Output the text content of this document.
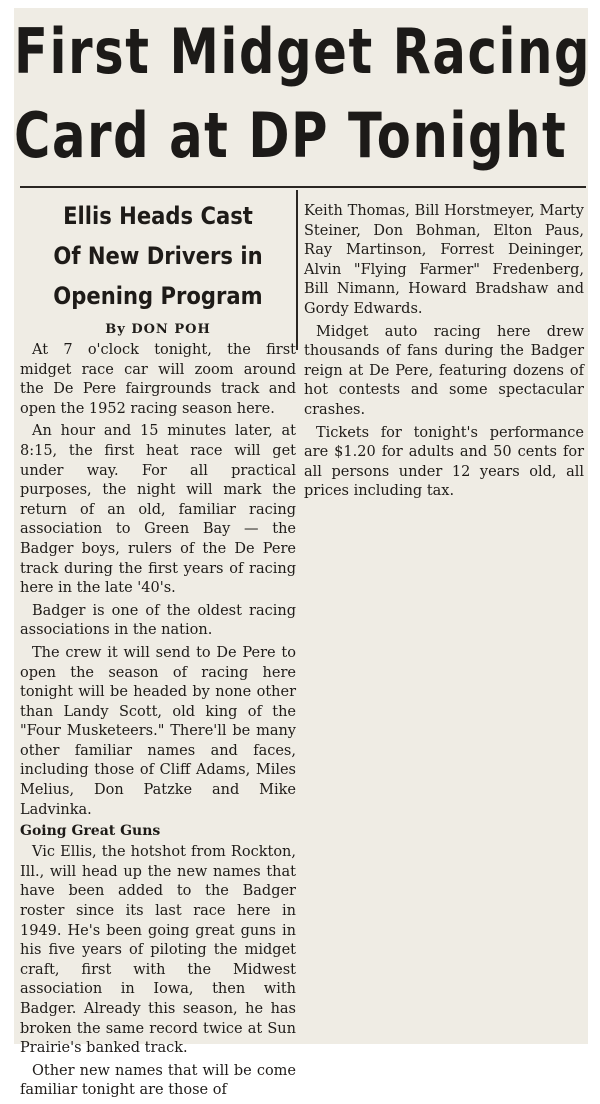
First Midget Racing
Card at DP Tonight
Ellis Heads Cast
Of New Drivers in
Opening Program
By DON POH

At 7 o'clock tonight, the first midget race car will zoom around the De Pere fairgrounds track and open the 1952 racing season here.

An hour and 15 minutes later, at 8:15, the first heat race will get under way. For all practical purposes, the night will mark the return of an old, familiar racing association to Green Bay — the Badger boys, rulers of the De Pere track during the first years of racing here in the late '40's.

Badger is one of the oldest racing associations in the nation.

The crew it will send to De Pere to open the season of racing here tonight will be headed by none other than Landy Scott, old king of the "Four Musketeers." There'll be many other familiar names and faces, including those of Cliff Adams, Miles Melius, Don Patzke and Mike Ladvinka.

Going Great Guns

Vic Ellis, the hotshot from Rockton, Ill., will head up the new names that have been added to the Badger roster since its last race here in 1949. He's been going great guns in his five years of piloting the midget craft, first with the Midwest association in Iowa, then with Badger. Already this season, he has broken the same record twice at Sun Prairie's banked track.

Other new names that will be come familiar tonight are those of

Keith Thomas, Bill Horstmeyer, Marty Steiner, Don Bohman, Elton Paus, Ray Martinson, Forrest Deininger, Alvin "Flying Farmer" Fredenberg, Bill Nimann, Howard Bradshaw and Gordy Edwards.

Midget auto racing here drew thousands of fans during the Badger reign at De Pere, featuring dozens of hot contests and some spectacular crashes.

Tickets for tonight's performance are $1.20 for adults and 50 cents for all persons under 12 years old, all prices including tax.
